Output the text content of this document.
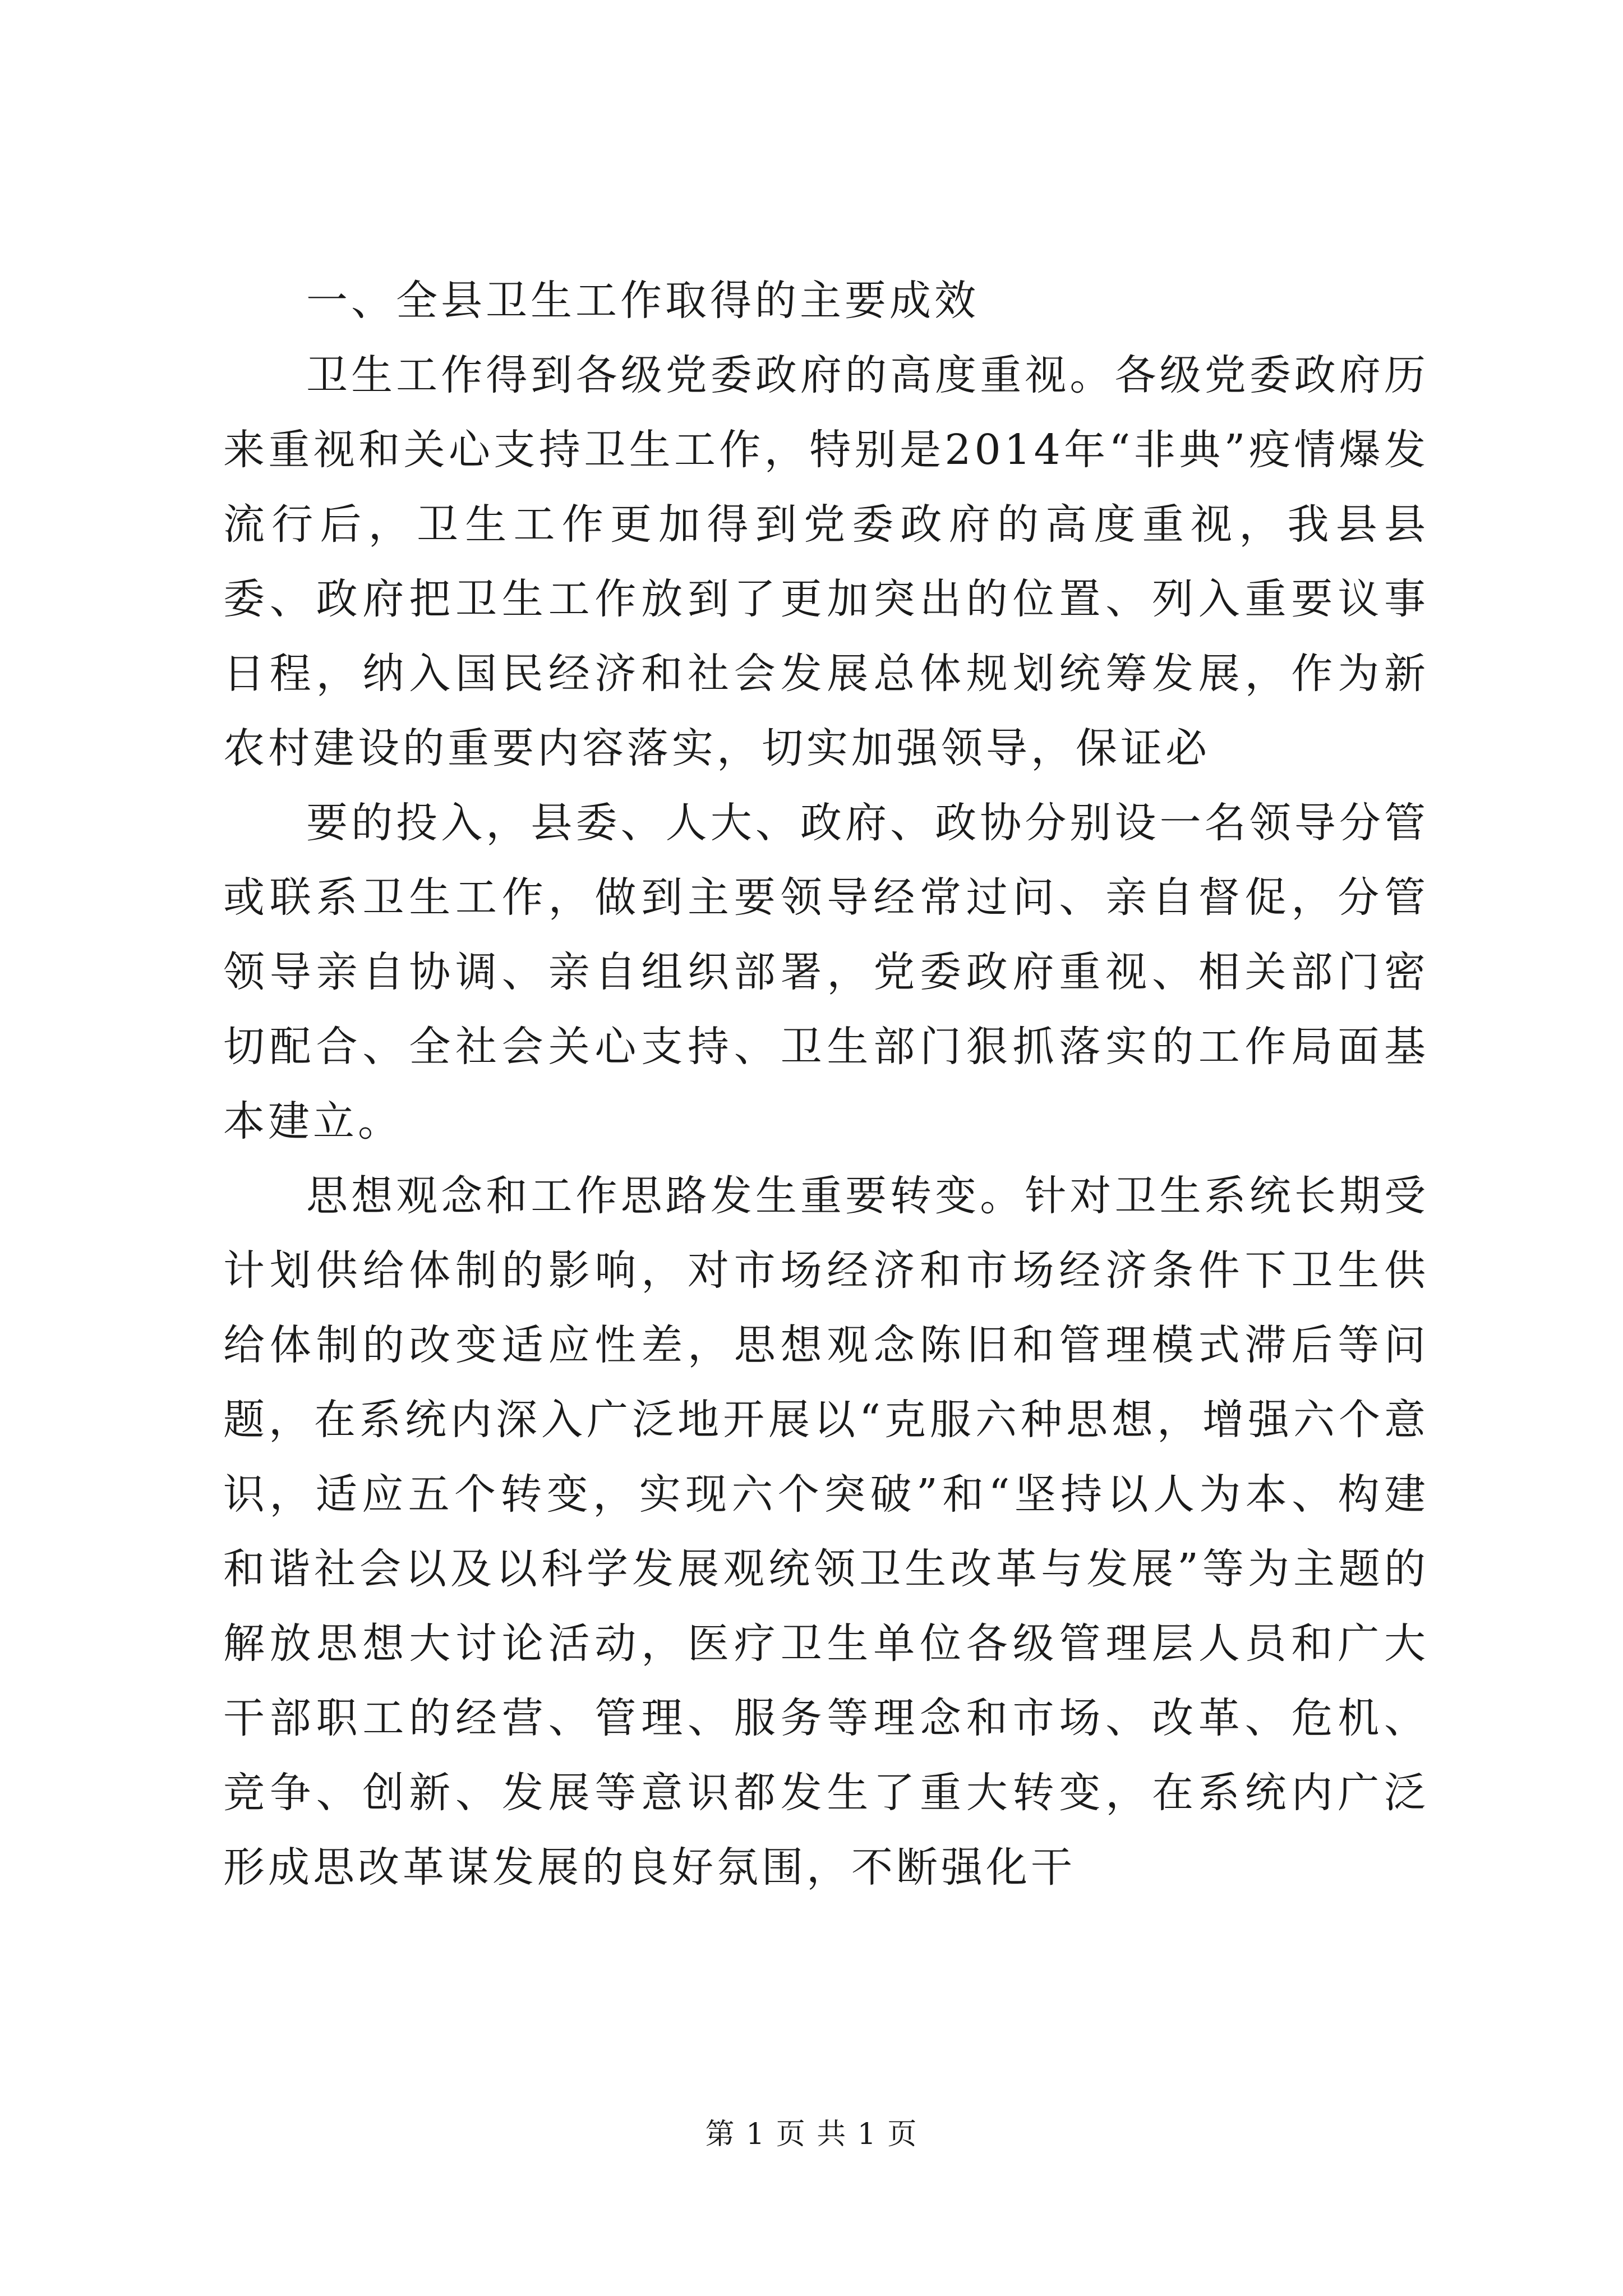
一、全县卫生工作取得的主要成效

卫生工作得到各级党委政府的高度重视。各级党委政府历来重视和关心支持卫生工作，特别是2014年“非典”疫情爆发流行后，卫生工作更加得到党委政府的高度重视，我县县委、政府把卫生工作放到了更加突出的位置、列入重要议事日程，纳入国民经济和社会发展总体规划统筹发展，作为新农村建设的重要内容落实，切实加强领导，保证必

要的投入，县委、人大、政府、政协分别设一名领导分管或联系卫生工作，做到主要领导经常过问、亲自督促，分管领导亲自协调、亲自组织部署，党委政府重视、相关部门密切配合、全社会关心支持、卫生部门狠抓落实的工作局面基本建立。

思想观念和工作思路发生重要转变。针对卫生系统长期受计划供给体制的影响，对市场经济和市场经济条件下卫生供给体制的改变适应性差，思想观念陈旧和管理模式滞后等问题，在系统内深入广泛地开展以“克服六种思想，增强六个意识，适应五个转变，实现六个突破”和“坚持以人为本、构建和谐社会以及以科学发展观统领卫生改革与发展”等为主题的解放思想大讨论活动，医疗卫生单位各级管理层人员和广大干部职工的经营、管理、服务等理念和市场、改革、危机、竞争、创新、发展等意识都发生了重大转变，在系统内广泛形成思改革谋发展的良好氛围，不断强化干

第 1 页 共 1 页
